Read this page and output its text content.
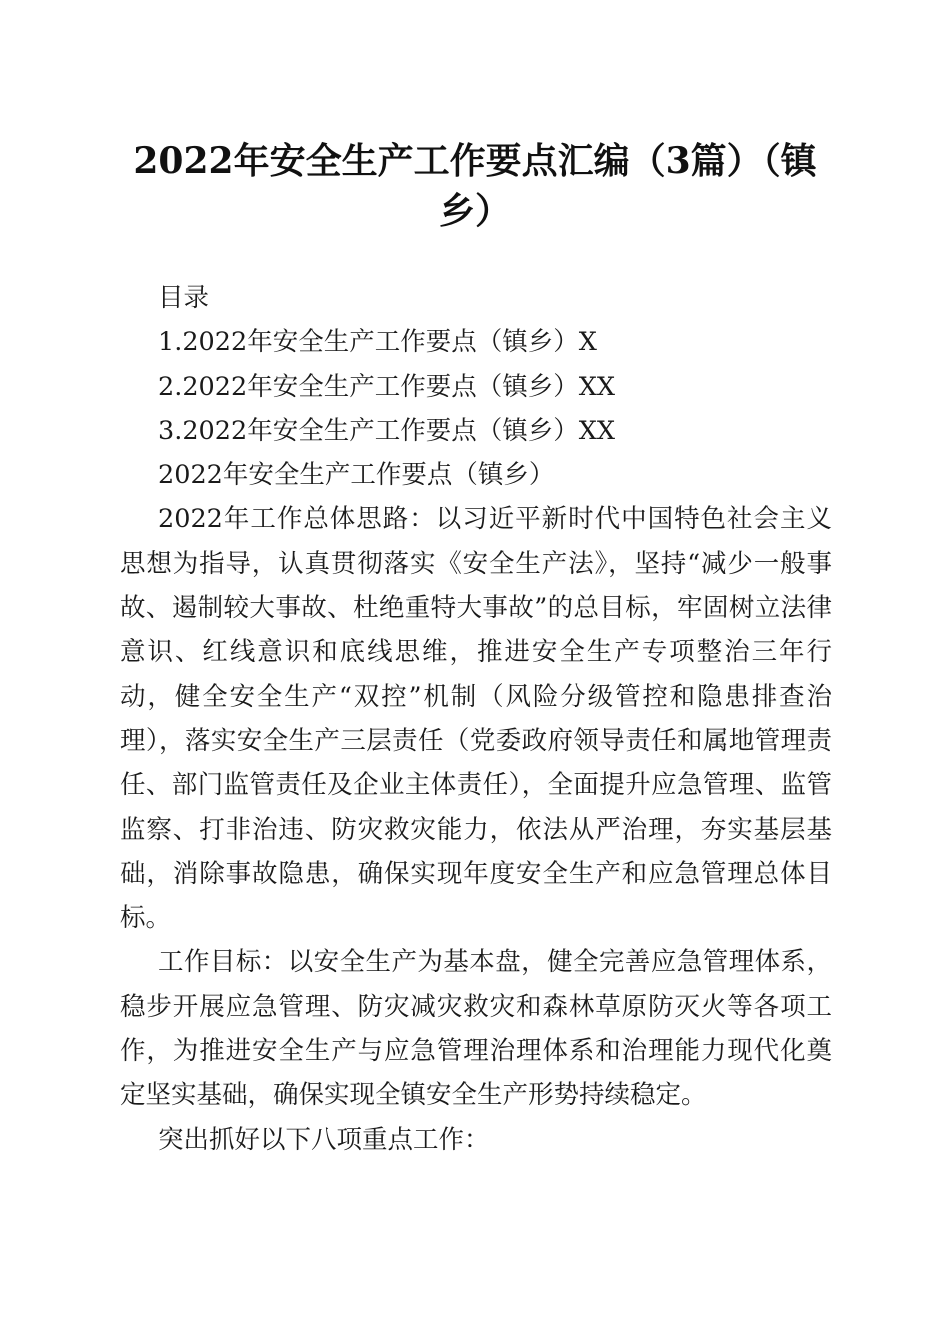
2022年安全生产工作要点汇编（3篇）（镇乡）

目录

1.2022年安全生产工作要点（镇乡）X

2.2022年安全生产工作要点（镇乡）XX

3.2022年安全生产工作要点（镇乡）XX

2022年安全生产工作要点（镇乡）

2022年工作总体思路：以习近平新时代中国特色社会主义思想为指导，认真贯彻落实《安全生产法》，坚持“减少一般事故、遏制较大事故、杜绝重特大事故”的总目标，牢固树立法律意识、红线意识和底线思维，推进安全生产专项整治三年行动，健全安全生产“双控”机制（风险分级管控和隐患排查治理），落实安全生产三层责任（党委政府领导责任和属地管理责任、部门监管责任及企业主体责任），全面提升应急管理、监管监察、打非治违、防灾救灾能力，依法从严治理，夯实基层基础，消除事故隐患，确保实现年度安全生产和应急管理总体目标。

工作目标：以安全生产为基本盘，健全完善应急管理体系，稳步开展应急管理、防灾减灾救灾和森林草原防灭火等各项工作，为推进安全生产与应急管理治理体系和治理能力现代化奠定坚实基础，确保实现全镇安全生产形势持续稳定。

突出抓好以下八项重点工作：
